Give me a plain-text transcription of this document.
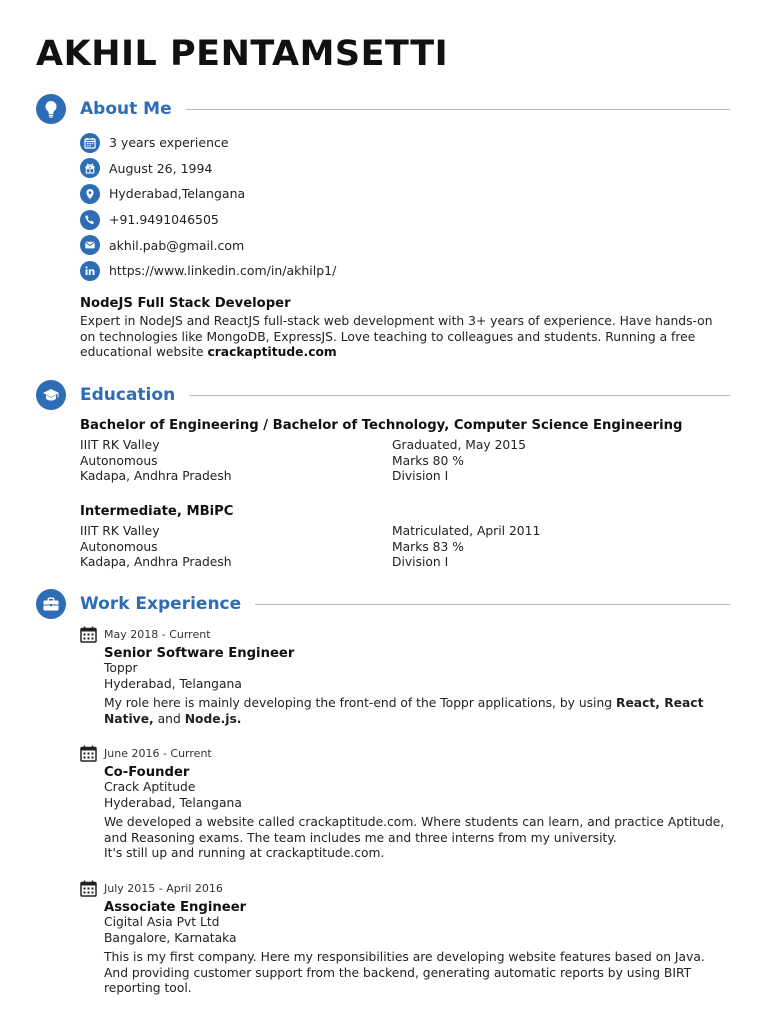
AKHIL PENTAMSETTI
About Me
3 years experience
August 26, 1994
Hyderabad,Telangana
+91.9491046505
akhil.pab@gmail.com
https://www.linkedin.com/in/akhilp1/

NodeJS Full Stack Developer

Expert in NodeJS and ReactJS full-stack web development with 3+ years of experience. Have hands-on on technologies like MongoDB, ExpressJS. Love teaching to colleagues and students. Running a free educational website crackaptitude.com

Education

Bachelor of Engineering / Bachelor of Technology, Computer Science Engineering

IIIT RK Valley	Graduated, May 2015
Autonomous	Marks 80 %
Kadapa, Andhra Pradesh	Division I

Intermediate, MBiPC

IIIT RK Valley	Matriculated, April 2011
Autonomous	Marks 83 %
Kadapa, Andhra Pradesh	Division I
Work Experience
May 2018 - Current

Senior Software Engineer

Toppr

Hyderabad, Telangana

My role here is mainly developing the front-end of the Toppr applications, by using React, React Native, and Node.js.

June 2016 - Current

Co-Founder

Crack Aptitude

Hyderabad, Telangana

We developed a website called crackaptitude.com. Where students can learn, and practice Aptitude, and Reasoning exams. The team includes me and three interns from my university.

It's still up and running at crackaptitude.com.

July 2015 - April 2016

Associate Engineer

Cigital Asia Pvt Ltd

Bangalore, Karnataka

This is my first company. Here my responsibilities are developing website features based on Java. And providing customer support from the backend, generating automatic reports by using BIRT reporting tool.
